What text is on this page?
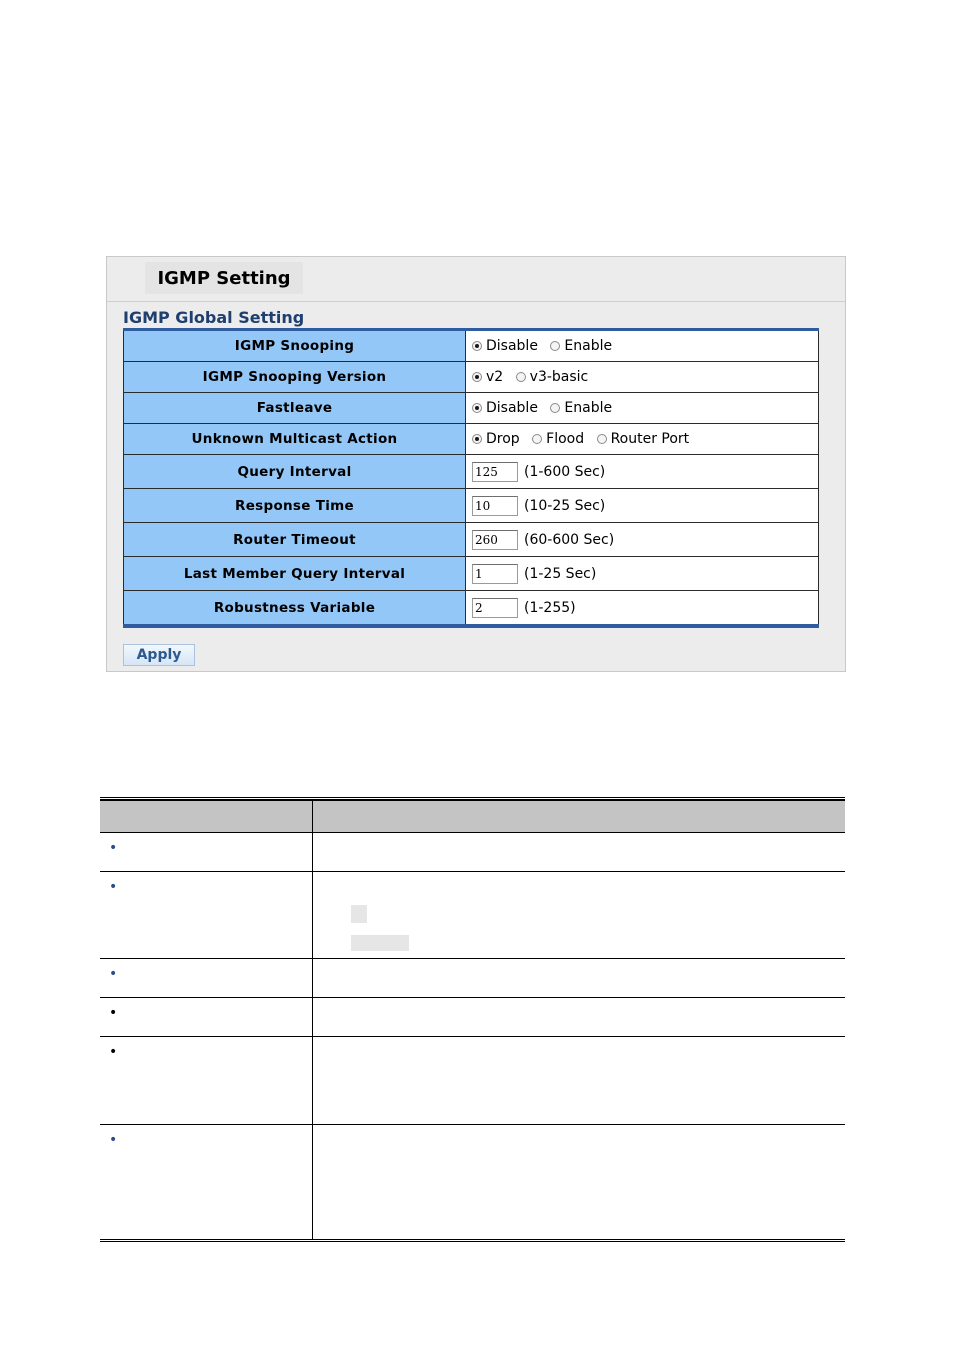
IGMP Setting
IGMP Global Setting
IGMP Snooping	Disable Enable
IGMP Snooping Version	v2 v3-basic
Fastleave	Disable Enable
Unknown Multicast Action	Drop Flood Router Port
Query Interval	125 (1-600 Sec)
Response Time	10 (10-25 Sec)
Router Timeout	260 (60-600 Sec)
Last Member Query Interval	1 (1-25 Sec)
Robustness Variable	2 (1-255)
Apply
•
•
•
•
•
•
